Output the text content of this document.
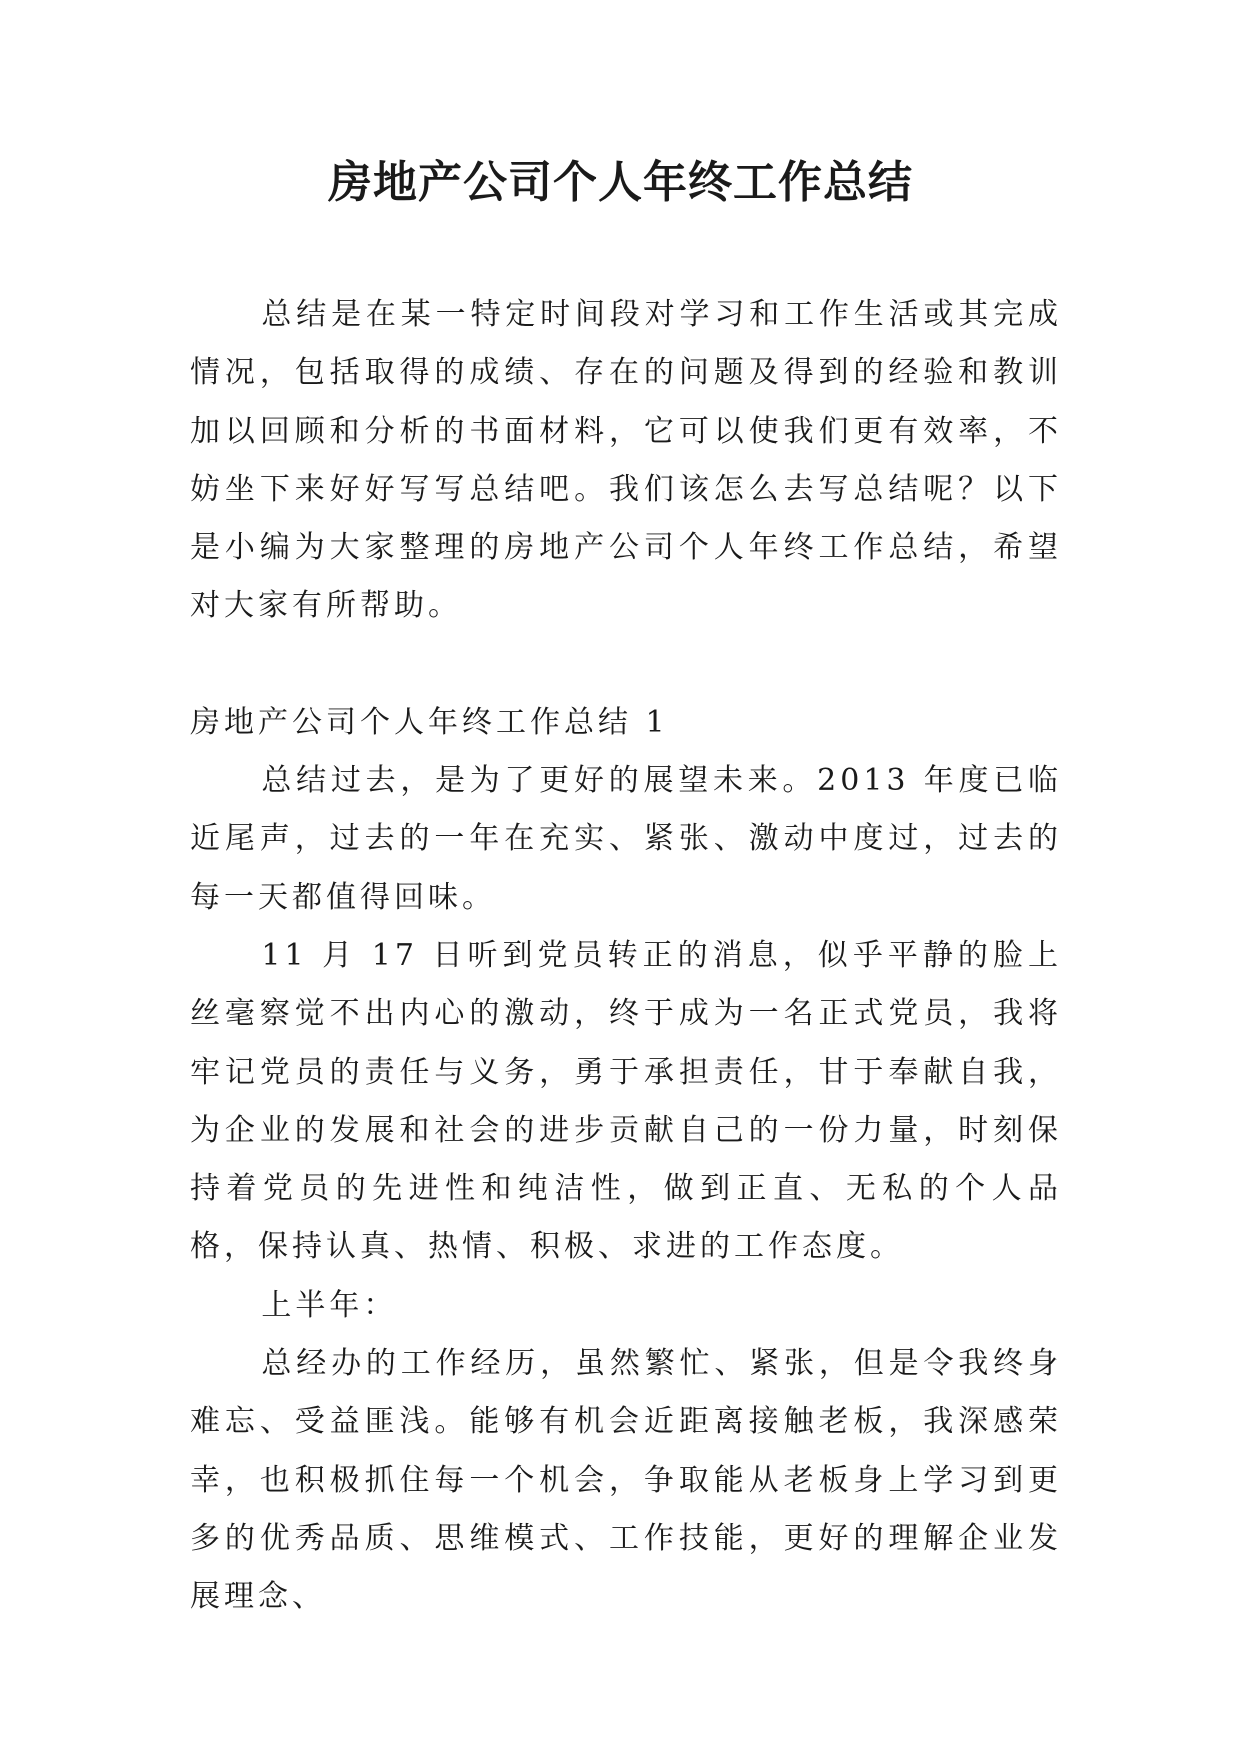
房地产公司个人年终工作总结

总结是在某一特定时间段对学习和工作生活或其完成情况，包括取得的成绩、存在的问题及得到的经验和教训加以回顾和分析的书面材料，它可以使我们更有效率，不妨坐下来好好写写总结吧。我们该怎么去写总结呢？以下是小编为大家整理的房地产公司个人年终工作总结，希望对大家有所帮助。

房地产公司个人年终工作总结 1

总结过去，是为了更好的展望未来。2013 年度已临近尾声，过去的一年在充实、紧张、激动中度过，过去的每一天都值得回味。

11 月 17 日听到党员转正的消息，似乎平静的脸上丝毫察觉不出内心的激动，终于成为一名正式党员，我将牢记党员的责任与义务，勇于承担责任，甘于奉献自我，为企业的发展和社会的进步贡献自己的一份力量，时刻保持着党员的先进性和纯洁性，做到正直、无私的个人品格，保持认真、热情、积极、求进的工作态度。

上半年：

总经办的工作经历，虽然繁忙、紧张，但是令我终身难忘、受益匪浅。能够有机会近距离接触老板，我深感荣幸，也积极抓住每一个机会，争取能从老板身上学习到更多的优秀品质、思维模式、工作技能，更好的理解企业发展理念、
